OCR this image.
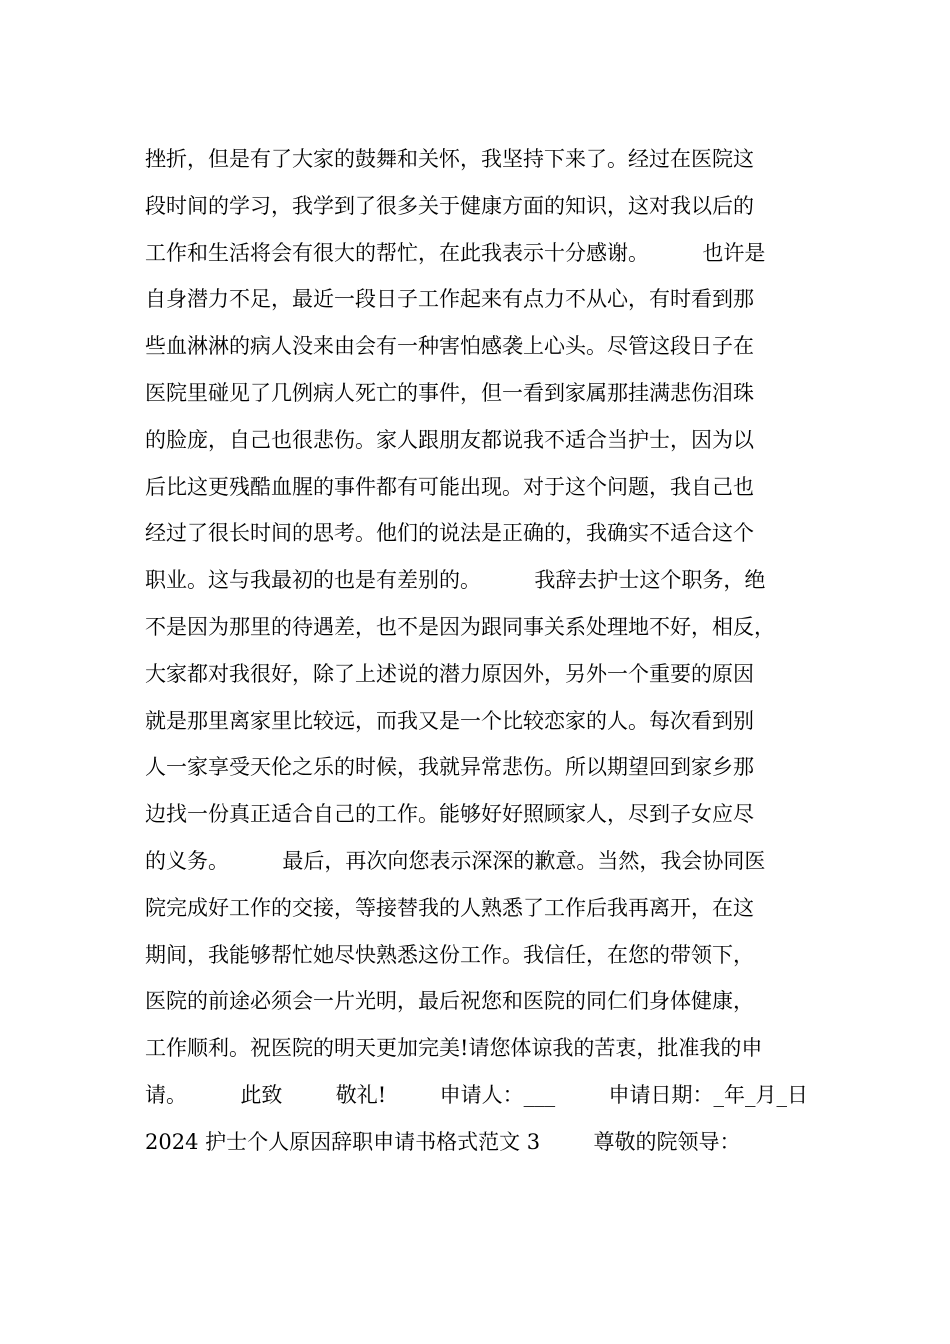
挫折，但是有了大家的鼓舞和关怀，我坚持下来了。经过在医院这
段时间的学习，我学到了很多关于健康方面的知识，这对我以后的
工作和生活将会有很大的帮忙，在此我表示十分感谢。        也许是
自身潜力不足，最近一段日子工作起来有点力不从心，有时看到那
些血淋淋的病人没来由会有一种害怕感袭上心头。尽管这段日子在
医院里碰见了几例病人死亡的事件，但一看到家属那挂满悲伤泪珠
的脸庞，自己也很悲伤。家人跟朋友都说我不适合当护士，因为以
后比这更残酷血腥的事件都有可能出现。对于这个问题，我自己也
经过了很长时间的思考。他们的说法是正确的，我确实不适合这个
职业。这与我最初的也是有差别的。        我辞去护士这个职务，绝
不是因为那里的待遇差，也不是因为跟同事关系处理地不好，相反，
大家都对我很好，除了上述说的潜力原因外，另外一个重要的原因
就是那里离家里比较远，而我又是一个比较恋家的人。每次看到别
人一家享受天伦之乐的时候，我就异常悲伤。所以期望回到家乡那
边找一份真正适合自己的工作。能够好好照顾家人，尽到子女应尽
的义务。        最后，再次向您表示深深的歉意。当然，我会协同医
院完成好工作的交接，等接替我的人熟悉了工作后我再离开，在这
期间，我能够帮忙她尽快熟悉这份工作。我信任，在您的带领下，
医院的前途必须会一片光明，最后祝您和医院的同仁们身体健康，
工作顺利。祝医院的明天更加完美!请您体谅我的苦衷，批准我的申
请。        此致        敬礼!        申请人：___        申请日期：_年_月_日
2024 护士个人原因辞职申请书格式范文 3        尊敬的院领导：
